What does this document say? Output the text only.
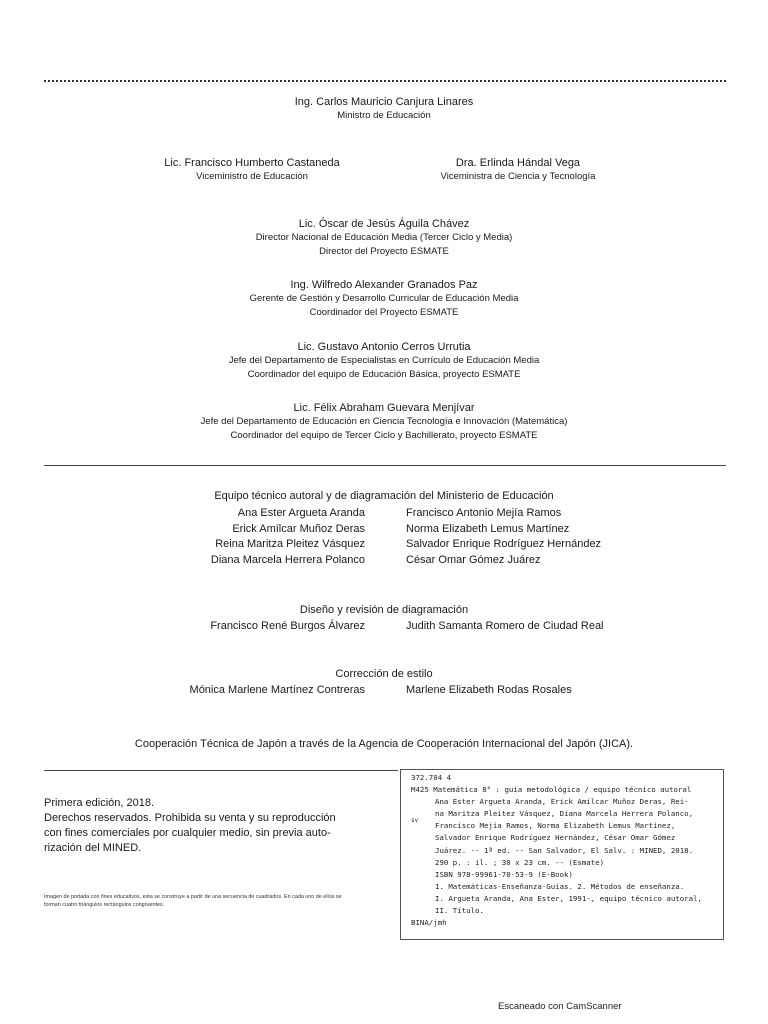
Ing. Carlos Mauricio Canjura Linares
Ministro de Educación
Lic. Francisco Humberto Castaneda
Viceministro de Educación
Dra. Erlinda Hándal Vega
Viceministra de Ciencia y Tecnología
Lic. Óscar de Jesús Águila Chávez
Director Nacional de Educación Media (Tercer Ciclo y Media)
Director del Proyecto ESMATE
Ing. Wilfredo Alexander Granados Paz
Gerente de Gestión y Desarrollo Curricular de Educación Media
Coordinador del Proyecto ESMATE
Lic. Gustavo Antonio Cerros Urrutia
Jefe del Departamento de Especialistas en Currículo de Educación Media
Coordinador del equipo de Educación Básica, proyecto ESMATE
Lic. Félix Abraham Guevara Menjívar
Jefe del Departamento de Educación en Ciencia Tecnología e Innovación (Matemática)
Coordinador del equipo de Tercer Ciclo y Bachillerato, proyecto ESMATE
Equipo técnico autoral y de diagramación del Ministerio de Educación
Ana Ester Argueta Aranda
Erick Amílcar Muñoz Deras
Reina Maritza Pleitez Vásquez
Diana Marcela Herrera Polanco
Francisco Antonio Mejía Ramos
Norma Elizabeth Lemus Martínez
Salvador Enrique Rodríguez Hernández
César Omar Gómez Juárez
Diseño y revisión de diagramación
Francisco René Burgos Álvarez	Judith Samanta Romero de Ciudad Real
Corrección de estilo
Mónica Marlene Martínez Contreras	Marlene Elizabeth Rodas Rosales
Cooperación Técnica de Japón a través de la Agencia de Cooperación Internacional del Japón (JICA).
Primera edición, 2018.
Derechos reservados. Prohibida su venta y su reproducción
con fines comerciales por cualquier medio, sin previa auto-
rización del MINED.
Imagen de portada con fines educativos, esta se construye a partir de una secuencia de cuadrados. En cada uno de ellos se forman cuatro triángulos rectángulos congruentes.
sv
372.704 4
M425 Matemática 8° : guía metodológica / equipo técnico autoral
Ana Ester Argueta Aranda, Erick Amílcar Muñoz Deras, Rei-
na Maritza Pleitez Vásquez, Diana Marcela Herrera Polanco,
Francisco Mejía Ramos, Norma Elizabeth Lemus Martínez,
Salvador Enrique Rodríguez Hernández, César Omar Gómez
Juárez. -- 1ª ed. -- San Salvador, El Salv. : MINED, 2018.
290 p. : il. ; 30 x 23 cm. -- (Esmate)
ISBN 978-99961-70-53-9 (E-Book)
1. Matemáticas-Enseñanza-Guías. 2. Métodos de enseñanza.
I. Argueta Aranda, Ana Ester, 1991-, equipo técnico autoral,
II. Título.
BINA/jmh
Escaneado con CamScanner
